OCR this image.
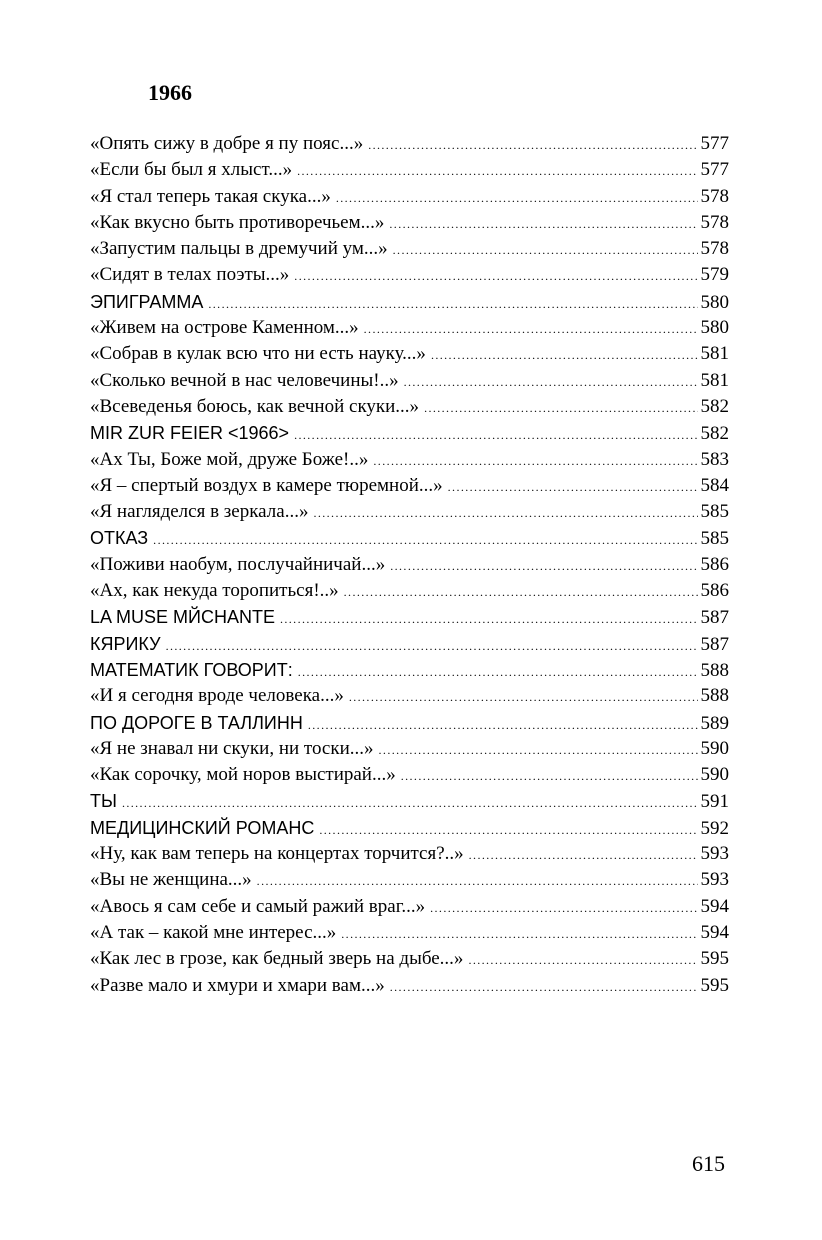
1966
«Опять сижу в добре я пу пояс...» .....	577
«Если бы был я хлыст...» .....	577
«Я стал теперь такая скука...» .....	578
«Как вкусно быть противоречьем...» .....	578
«Запустим пальцы в дремучий ум...» .....	578
«Сидят в телах поэты...» .....	579
ЭПИГРАММА .....	580
«Живем на острове Каменном...» .....	580
«Собрав в кулак всю что ни есть науку...» .....	581
«Сколько вечной в нас человечины!..» .....	581
«Всеведенья боюсь, как вечной скуки...» .....	582
MIR ZUR FEIER <1966> .....	582
«Ах Ты, Боже мой, друже Боже!..» .....	583
«Я – спертый воздух в камере тюремной...» .....	584
«Я нагляделся в зеркала...» .....	585
ОТКАЗ .....	585
«Поживи наобум, послучайничай...» .....	586
«Ах, как некуда торопиться!..» .....	586
LA MUSE MЙCHANTE .....	587
КЯРИКУ .....	587
МАТЕМАТИК ГОВОРИТ: .....	588
«И я сегодня вроде человека...» .....	588
ПО ДОРОГЕ В ТАЛЛИНН .....	589
«Я не знавал ни скуки, ни тоски...» .....	590
«Как сорочку, мой норов выстирай...» .....	590
ТЫ .....	591
МЕДИЦИНСКИЙ РОМАНС .....	592
«Ну, как вам теперь на концертах торчится?..» .....	593
«Вы не женщина...» .....	593
«Авось я сам себе и самый ражий враг...» .....	594
«А так – какой мне интерес...» .....	594
«Как лес в грозе, как бедный зверь на дыбе...» .....	595
«Разве мало и хмури и хмари вам...» .....	595
615
